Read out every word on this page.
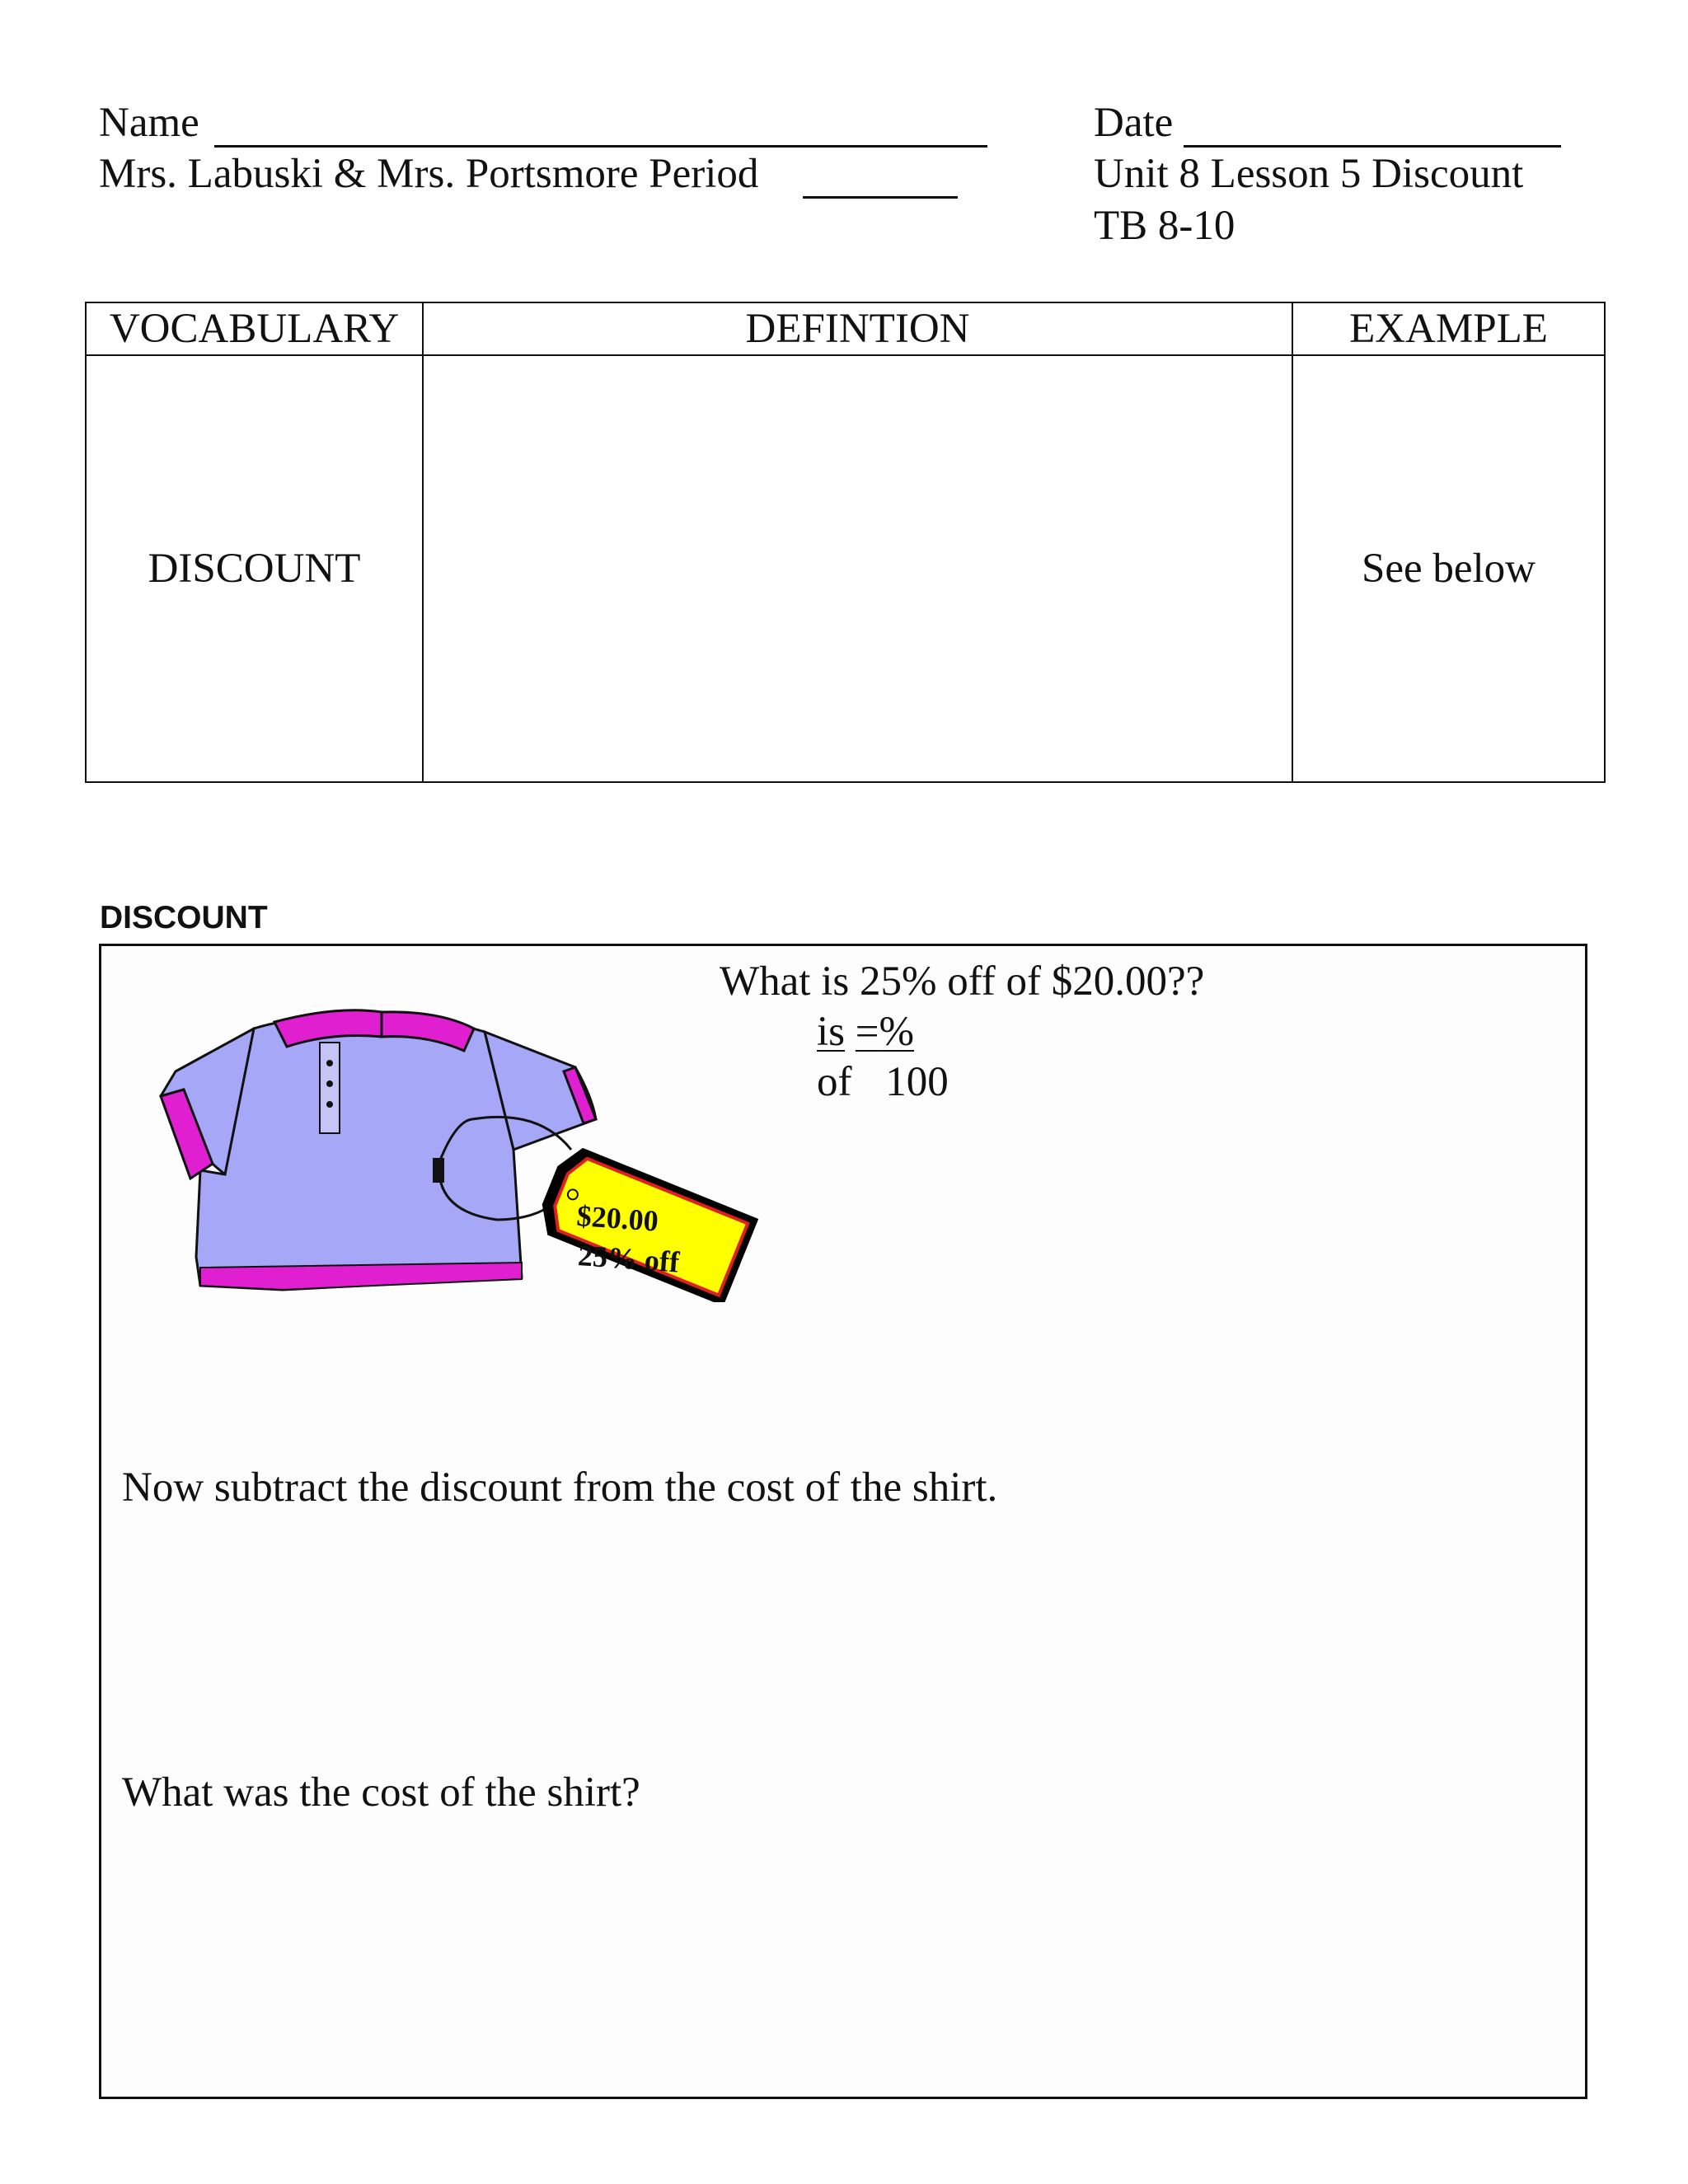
Name
Mrs. Labuski & Mrs. Portsmore Period
Date
Unit 8 Lesson 5 Discount
TB 8-10
VOCABULARY	DEFINTION	EXAMPLE
DISCOUNT		See below
DISCOUNT
$20.00
25% off
What is 25% off of $20.00??
is =%
of 100
Now subtract the discount from the cost of the shirt.
What was the cost of the shirt?
